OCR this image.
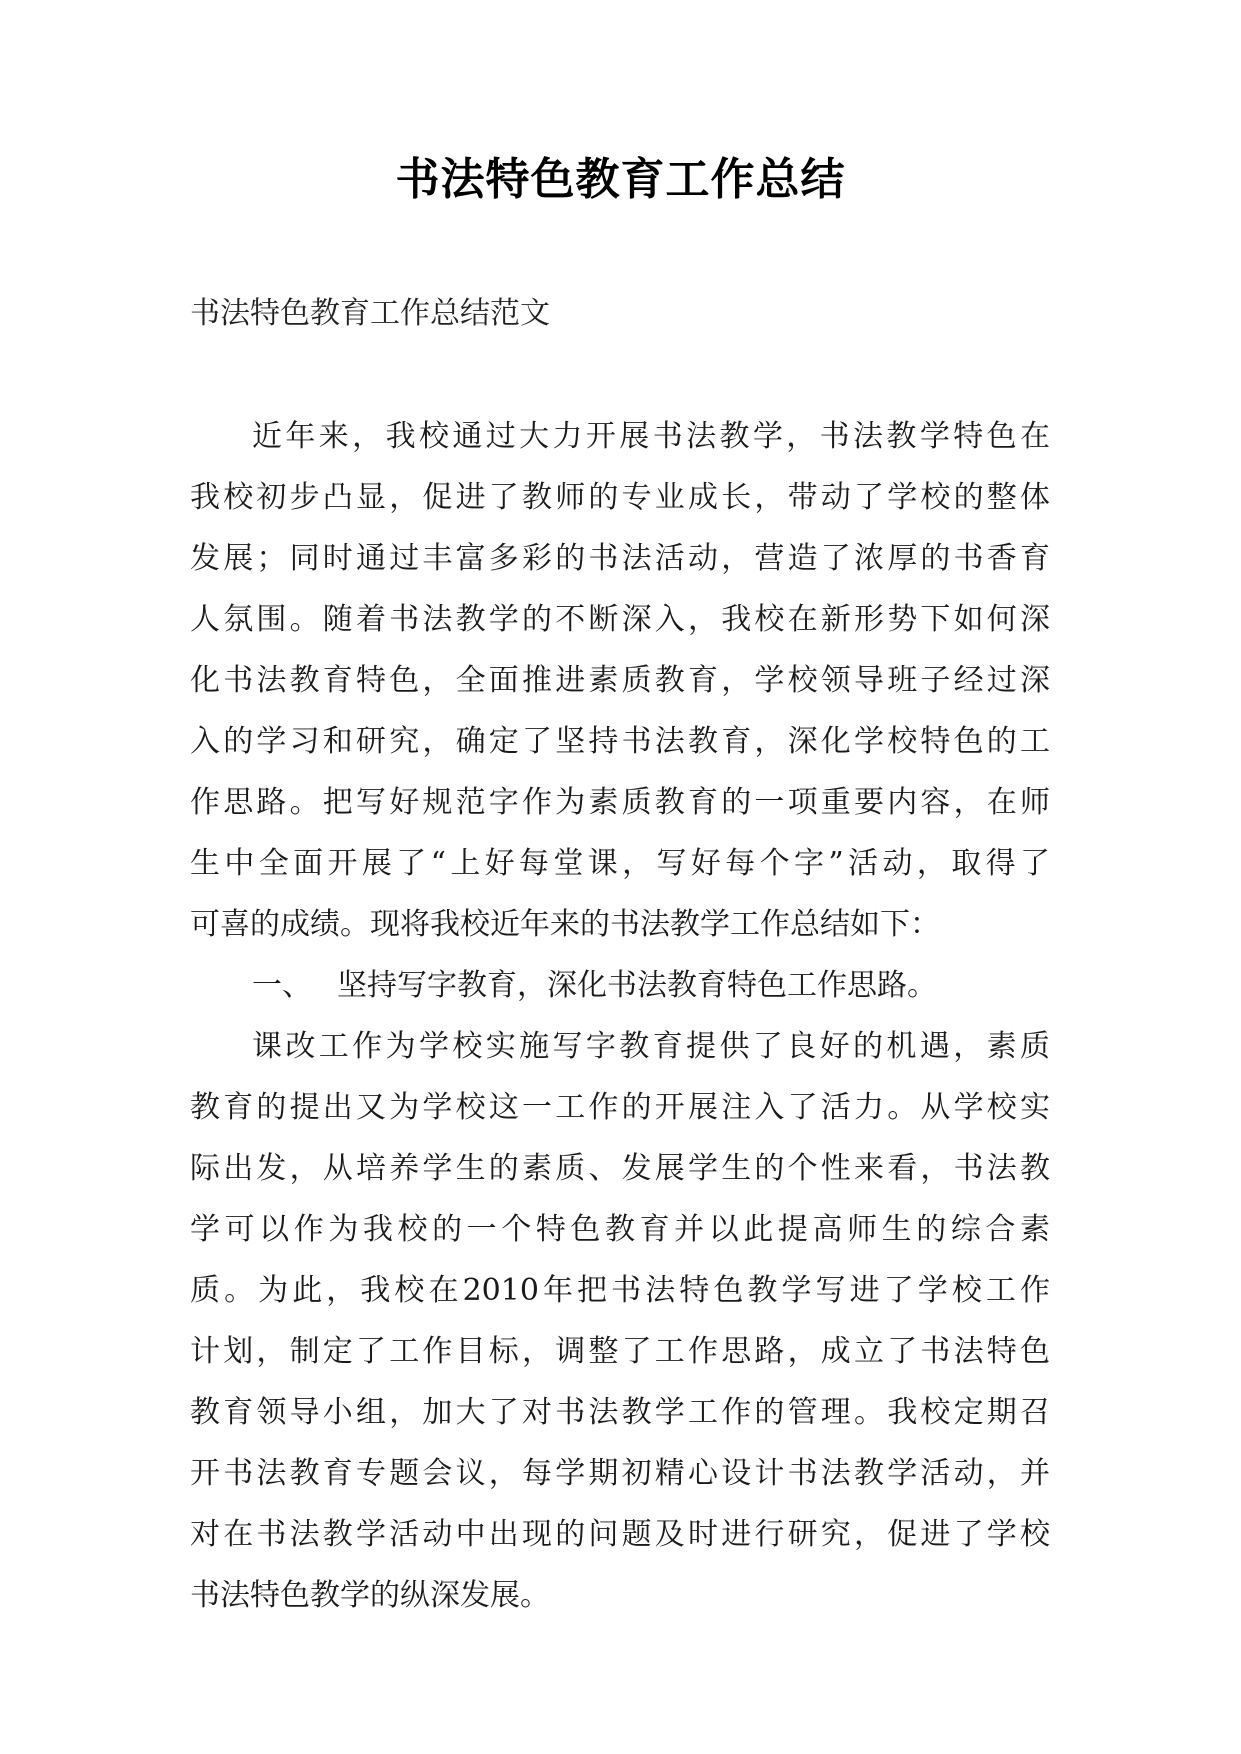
书法特色教育工作总结
书法特色教育工作总结范文
近年来，我校通过大力开展书法教学，书法教学特色在
我校初步凸显，促进了教师的专业成长，带动了学校的整体
发展；同时通过丰富多彩的书法活动，营造了浓厚的书香育
人氛围。随着书法教学的不断深入，我校在新形势下如何深
化书法教育特色，全面推进素质教育，学校领导班子经过深
入的学习和研究，确定了坚持书法教育，深化学校特色的工
作思路。把写好规范字作为素质教育的一项重要内容，在师
生中全面开展了“上好每堂课，写好每个字”活动，取得了
可喜的成绩。现将我校近年来的书法教学工作总结如下：
一、 坚持写字教育，深化书法教育特色工作思路。
课改工作为学校实施写字教育提供了良好的机遇，素质
教育的提出又为学校这一工作的开展注入了活力。从学校实
际出发，从培养学生的素质、发展学生的个性来看，书法教
学可以作为我校的一个特色教育并以此提高师生的综合素
质。为此，我校在2010年把书法特色教学写进了学校工作
计划，制定了工作目标，调整了工作思路，成立了书法特色
教育领导小组，加大了对书法教学工作的管理。我校定期召
开书法教育专题会议，每学期初精心设计书法教学活动，并
对在书法教学活动中出现的问题及时进行研究，促进了学校
书法特色教学的纵深发展。
